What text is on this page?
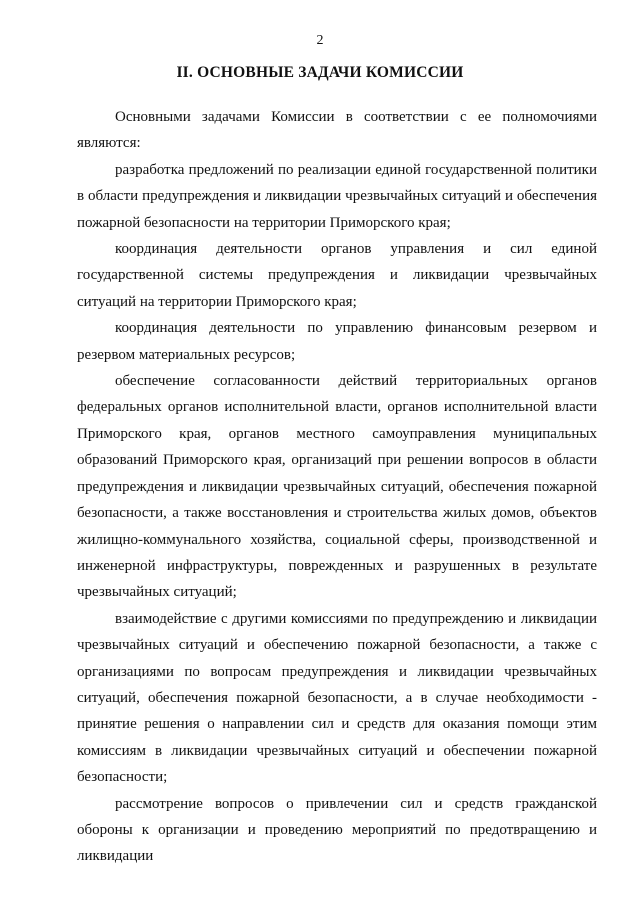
2
II. ОСНОВНЫЕ ЗАДАЧИ КОМИССИИ

Основными задачами Комиссии в соответствии с ее полномочиями являются:

разработка предложений по реализации единой государственной политики в области предупреждения и ликвидации чрезвычайных ситуаций и обеспечения пожарной безопасности на территории Приморского края;

координация деятельности органов управления и сил единой государственной системы предупреждения и ликвидации чрезвычайных ситуаций на территории Приморского края;

координация деятельности по управлению финансовым резервом и резервом материальных ресурсов;

обеспечение согласованности действий территориальных органов федеральных органов исполнительной власти, органов исполнительной власти Приморского края, органов местного самоуправления муниципальных образований Приморского края, организаций при решении вопросов в области предупреждения и ликвидации чрезвычайных ситуаций, обеспечения пожарной безопасности, а также восстановления и строительства жилых домов, объектов жилищно-коммунального хозяйства, социальной сферы, производственной и инженерной инфраструктуры, поврежденных и разрушенных в результате чрезвычайных ситуаций;

взаимодействие с другими комиссиями по предупреждению и ликвидации чрезвычайных ситуаций и обеспечению пожарной безопасности, а также с организациями по вопросам предупреждения и ликвидации чрезвычайных ситуаций, обеспечения пожарной безопасности, а в случае необходимости - принятие решения о направлении сил и средств для оказания помощи этим комиссиям в ликвидации чрезвычайных ситуаций и обеспечении пожарной безопасности;

рассмотрение вопросов о привлечении сил и средств гражданской обороны к организации и проведению мероприятий по предотвращению и ликвидации
